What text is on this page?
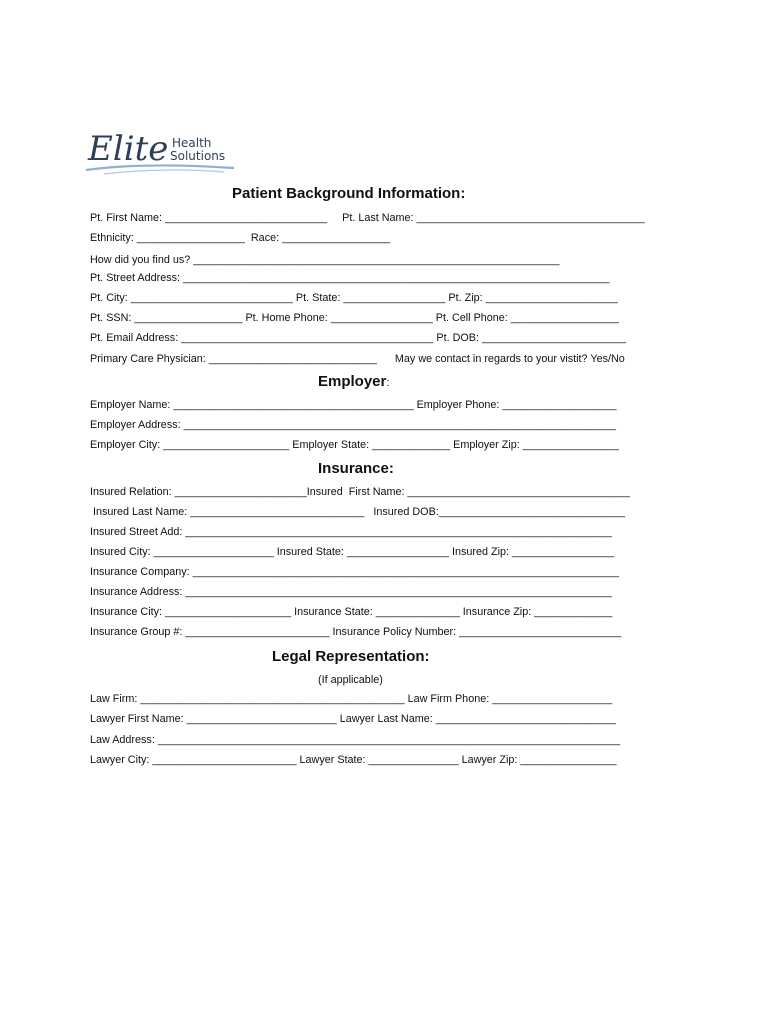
Elite Health
Solutions
Patient Background Information:
Pt. First Name: ___________________________     Pt. Last Name: ______________________________________
Ethnicity: __________________  Race: __________________
How did you find us? _____________________________________________________________
Pt. Street Address: _______________________________________________________________________
Pt. City: ___________________________ Pt. State: _________________ Pt. Zip: ______________________
Pt. SSN: __________________ Pt. Home Phone: _________________ Pt. Cell Phone: __________________
Pt. Email Address: __________________________________________ Pt. DOB: ________________________
Primary Care Physician: ____________________________      May we contact in regards to your vistit? Yes/No
Employer:
Employer Name: ________________________________________ Employer Phone: ___________________
Employer Address: ________________________________________________________________________
Employer City: _____________________ Employer State: _____________ Employer Zip: ________________
Insurance:
Insured Relation: ______________________Insured  First Name: _____________________________________
Insured Last Name: _____________________________   Insured DOB:_______________________________
Insured Street Add: _______________________________________________________________________
Insured City: ____________________ Insured State: _________________ Insured Zip: _________________
Insurance Company: _______________________________________________________________________
Insurance Address: _______________________________________________________________________
Insurance City: _____________________ Insurance State: ______________ Insurance Zip: _____________
Insurance Group #: ________________________ Insurance Policy Number: ___________________________
Legal Representation:
(If applicable)
Law Firm: ____________________________________________ Law Firm Phone: ____________________
Lawyer First Name: _________________________ Lawyer Last Name: ______________________________
Law Address: _____________________________________________________________________________
Lawyer City: ________________________ Lawyer State: _______________ Lawyer Zip: ________________
